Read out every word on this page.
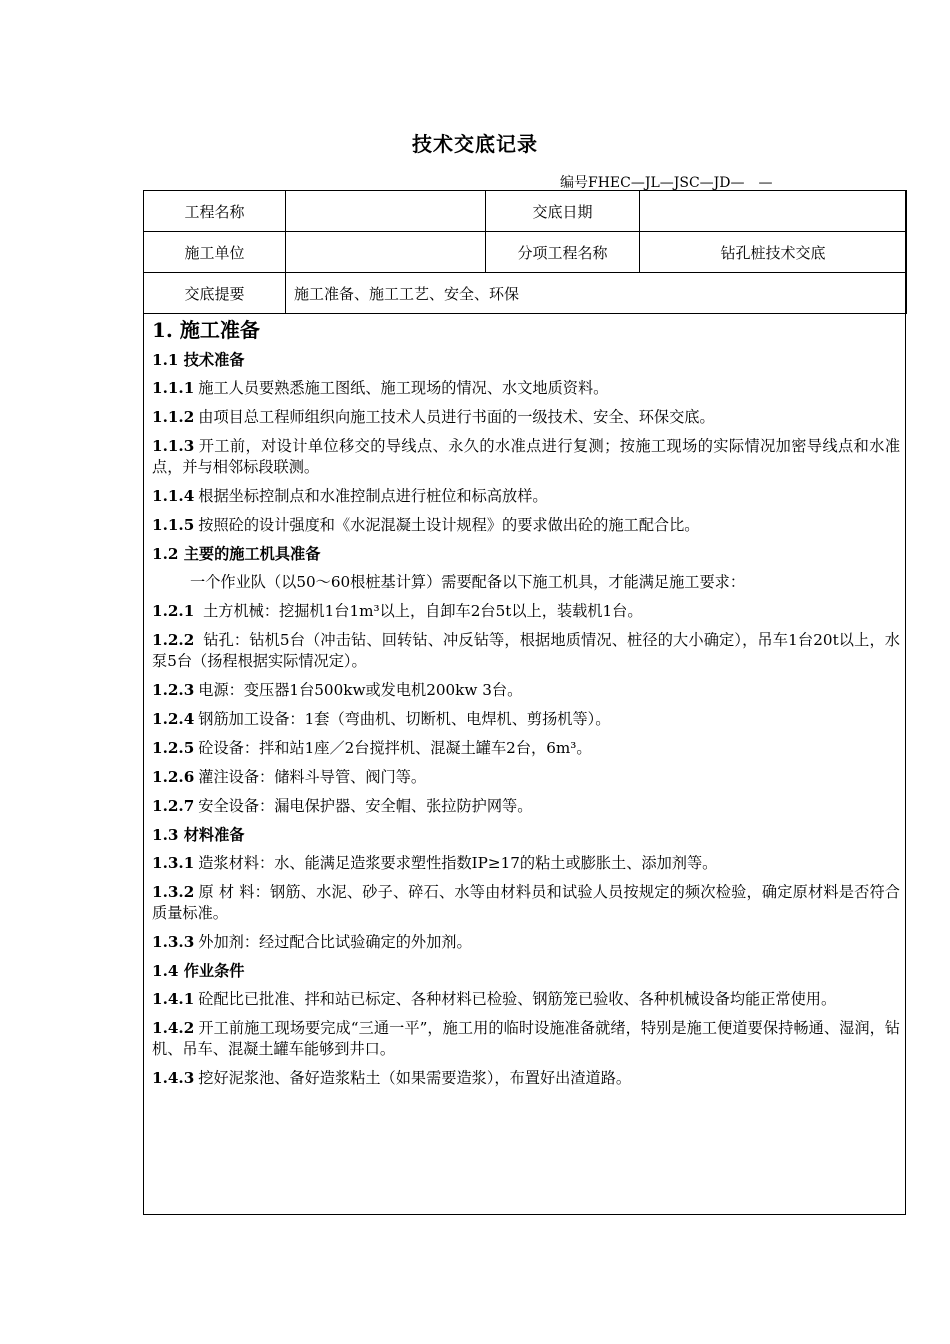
技术交底记录
编号FHEC—JL—JSC—JD—　—
工程名称		交底日期	
施工单位		分项工程名称	钻孔桩技术交底
交底提要	施工准备、施工工艺、安全、环保		

1. 施工准备

1.1 技术准备

1.1.1 施工人员要熟悉施工图纸、施工现场的情况、水文地质资料。

1.1.2 由项目总工程师组织向施工技术人员进行书面的一级技术、安全、环保交底。

1.1.3 开工前，对设计单位移交的导线点、永久的水准点进行复测；按施工现场的实际情况加密导线点和水准点，并与相邻标段联测。

1.1.4 根据坐标控制点和水准控制点进行桩位和标高放样。

1.1.5 按照砼的设计强度和《水泥混凝土设计规程》的要求做出砼的施工配合比。

1.2 主要的施工机具准备

一个作业队（以50～60根桩基计算）需要配备以下施工机具，才能满足施工要求：

1.2.1 土方机械：挖掘机1台1m³以上，自卸车2台5t以上，装载机1台。

1.2.2 钻孔：钻机5台（冲击钻、回转钻、冲反钻等，根据地质情况、桩径的大小确定），吊车1台20t以上，水泵5台（扬程根据实际情况定）。

1.2.3 电源：变压器1台500kw或发电机200kw 3台。

1.2.4 钢筋加工设备：1套（弯曲机、切断机、电焊机、剪扬机等）。

1.2.5 砼设备：拌和站1座／2台搅拌机、混凝土罐车2台，6m³。

1.2.6 灌注设备：储料斗导管、阀门等。

1.2.7 安全设备：漏电保护器、安全帽、张拉防护网等。

1.3 材料准备

1.3.1 造浆材料：水、能满足造浆要求塑性指数IP≥17的粘土或膨胀土、添加剂等。

1.3.2 原 材 料：钢筋、水泥、砂子、碎石、水等由材料员和试验人员按规定的频次检验，确定原材料是否符合质量标准。

1.3.3 外加剂：经过配合比试验确定的外加剂。

1.4 作业条件

1.4.1 砼配比已批准、拌和站已标定、各种材料已检验、钢筋笼已验收、各种机械设备均能正常使用。

1.4.2 开工前施工现场要完成“三通一平”，施工用的临时设施准备就绪，特别是施工便道要保持畅通、湿润，钻机、吊车、混凝土罐车能够到井口。

1.4.3 挖好泥浆池、备好造浆粘土（如果需要造浆），布置好出渣道路。
